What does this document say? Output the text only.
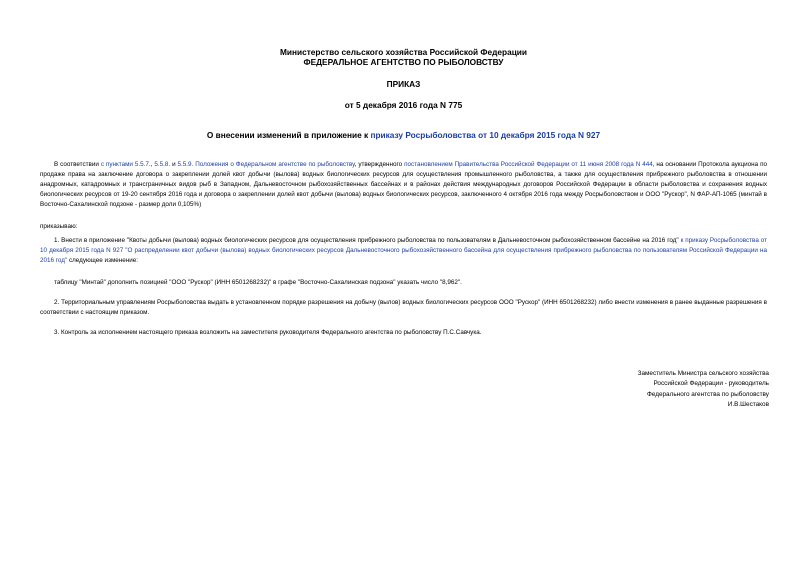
Министерство сельского хозяйства Российской Федерации
ФЕДЕРАЛЬНОЕ АГЕНТСТВО ПО РЫБОЛОВСТВУ
ПРИКАЗ
от 5 декабря 2016 года N 775
О внесении изменений в приложение к приказу Росрыболовства от 10 декабря 2015 года N 927
В соответствии с пунктами 5.5.7., 5.5.8. и 5.5.9. Положения о Федеральном агентстве по рыболовству, утвержденного постановлением Правительства Российской Федерации от 11 июня 2008 года N 444, на основании Протокола аукциона по продаже права на заключение договора о закреплении долей квот добычи (вылова) водных биологических ресурсов для осуществления промышленного рыболовства, а также для осуществления прибрежного рыболовства в отношении анадромных, катадромных и трансграничных видов рыб в Западном, Дальневосточном рыбохозяйственных бассейнах и в районах действия международных договоров Российской Федерации в области рыболовства и сохранения водных биологических ресурсов от 19-20 сентября 2016 года и договора о закреплении долей квот добычи (вылова) водных биологических ресурсов, заключенного 4 октября 2016 года между Росрыболовством и ООО "Рускор", N ФАР-АП-1065 (минтай в Восточно-Сахалинской подзоне - размер доли 0,105%)
приказываю:
1. Внести в приложение "Квоты добычи (вылова) водных биологических ресурсов для осуществления прибрежного рыболовства по пользователям в Дальневосточном рыбохозяйственном бассейне на 2016 год" к приказу Росрыболовства от 10 декабря 2015 года N 927 "О распределении квот добычи (вылова) водных биологических ресурсов Дальневосточного рыбохозяйственного бассейна для осуществления прибрежного рыболовства по пользователям Российской Федерации на 2016 год" следующее изменение:
таблицу "Минтай" дополнить позицией "ООО "Рускор" (ИНН 6501268232)" в графе "Восточно-Сахалинская подзона" указать число "8,962".
2. Территориальным управлениям Росрыболовства выдать в установленном порядке разрешения на добычу (вылов) водных биологических ресурсов ООО "Рускор" (ИНН 6501268232) либо внести изменения в ранее выданные разрешения в соответствии с настоящим приказом.
3. Контроль за исполнением настоящего приказа возложить на заместителя руководителя Федерального агентства по рыболовству П.С.Савчука.
Заместитель Министра сельского хозяйства
Российской Федерации - руководитель
Федерального агентства по рыболовству
И.В.Шестаков
